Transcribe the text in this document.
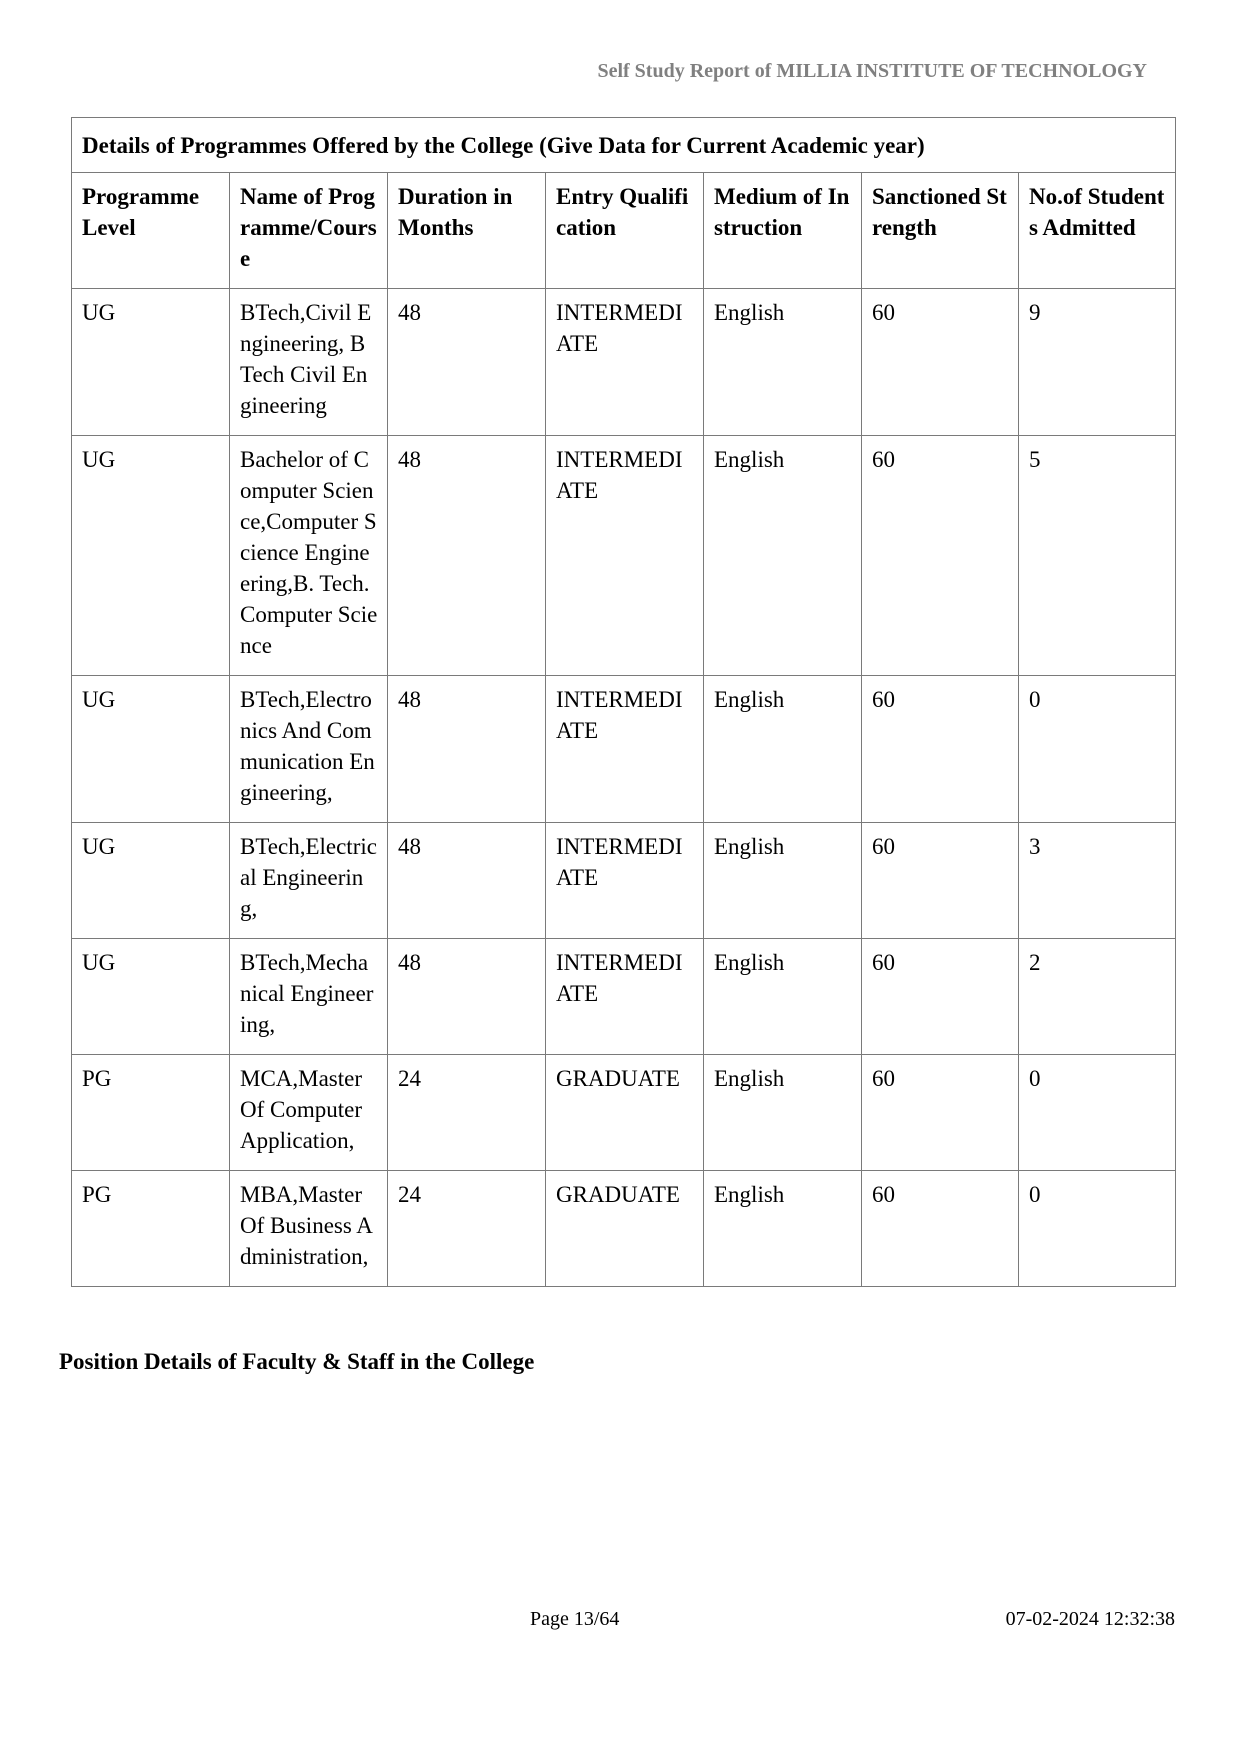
Self Study Report of MILLIA INSTITUTE OF TECHNOLOGY
Details of Programmes Offered by the College (Give Data for Current Academic year)						
Programme Level	Name of Programme/Course	Duration in Months	Entry Qualification	Medium of Instruction	Sanctioned Strength	No.of Students Admitted
UG	BTech,Civil Engineering, B Tech Civil Engineering	48	INTERMEDIATE	English	60	9
UG	Bachelor of Computer Science,Computer Science Engineering,B. Tech. Computer Science	48	INTERMEDIATE	English	60	5
UG	BTech,Electronics And Communication Engineering,	48	INTERMEDIATE	English	60	0
UG	BTech,Electrical Engineering,	48	INTERMEDIATE	English	60	3
UG	BTech,Mechanical Engineering,	48	INTERMEDIATE	English	60	2
PG	MCA,Master Of Computer Application,	24	GRADUATE	English	60	0
PG	MBA,Master Of Business Administration,	24	GRADUATE	English	60	0
Position Details of Faculty & Staff in the College
Page 13/64	07-02-2024 12:32:38
